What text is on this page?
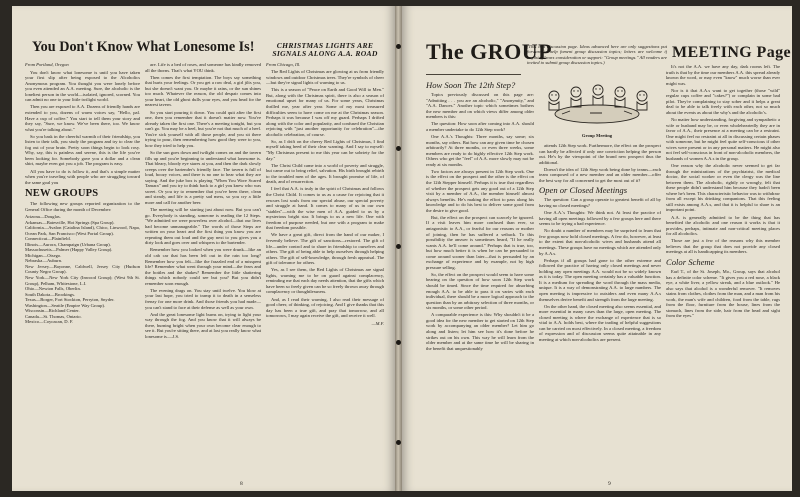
You Don't Know What Lonesome Is!

From Portland, Oregon

You don't know what lonesome is until you have taken your first slip after being exposed to the Alcoholics Anonymous program. You thought you were lonely before you even attended an A.A. meeting. Sure, the alcoholic is the loneliest person in the world—isolated, ignored, scorned. You can admit no one to your little twilight world.

Then you are exposed to A.A. Dozens of friendly hands are extended to you, dozens of warm voices say, "Hello, pal. Have a cup of coffee." You start to tell them your story and they say, "Sure, we know. We've been there, too. We know what you're talking about."

So you bask in the cheerful warmth of their friendship, you listen to their talk, you study the program and try to clear the fog out of your brain. Pretty soon things begin to look rosy. Why, say, this is painless and serene, this is the life you've been looking for. Somebody gave you a dollar and a clean shirt, maybe even got you a job. The program is easy.

All you have to do is follow it, and that's a simple matter when you're traveling with people who are struggling toward the same goal you

NEW GROUPS

The following new groups reported organization to the General Office during the month of December:

Arizona—Douglas.

Arkansas—Batesville, Hot Springs (Spa Group).

California—Avalon (Catalina Island), Chico, Linwood, Napa, Ocean Park, San Francisco (West Portal Group).

Connecticut—Plainfield.

Illinois—Aurora, Champaign (Urbana Group).

Massachusetts—Palmer (Happy Valley Group).

Michigan—Otsego.

Nebraska—Auburn.

New Jersey—Bayonne, Caldwell, Jersey City (Hudson County Negro Group).

New York—New York City (Inwood Group); (West 9th St. Group), Pelham, Whitestone, L.I.

Ohio—Newton Falls, Oberlin.

South Dakota—Brookings.

Texas—Borger, Fort Stockton, Perryton, Snyder.

Washington—Seattle (Empire Way Group).

Wisconsin—Richland Center.

Canada—St. Thomas, Ontario.

Mexico—Coyoacan, D. F.

are. Life is a bed of roses, and someone has kindly removed all the thorns. That's what YOU think.

Then comes the first temptation. The boys say something that hurts your feelings. Or you get a raw deal, a girl jilts you, but she doesn't want you. Or maybe it rains, or the sun shines too much. Whatever the reason, the old despair comes into your heart, the old ghost dulls your eyes, and you head for the nearest tavern.

So you start pouring it down. You could quit after the first one, then you remember that it doesn't matter now. You've already taken the first one. There's a meeting tonight, but you can't go. You may be a heel, but you're not that much of a heel. You're sick yourself with all those people, and you sit there trying to pour, then remembering how good they were to you, how they tried to help you.

So the sun goes down and twilight comes on and the tavern fills up and you're beginning to understand what lonesome is. That bleary, bloody eye stares at you, and then the dark slowly creeps over the bartender's friendly face. The tavern is full of loud, boozy voices, and there is no one to hear what they are saying. And the juke box is playing "When You Wore Scared Tamara" and you try to think back to a girl you knew who was sweet. Or you try to remember that you've been there, clean and steady, and life is a pretty sad mess, so you cry a little more and call for another beer.

The meeting will be starting just about now. But you can't go. Everybody is standing, someone is reading the 12 Steps. "We admitted we were powerless over alcohol—that our lives had become unmanageable." The words of those Steps are written on your heart and the first thing you know you are repeating them out loud and the guy next to you gives you a dirty look and goes over and whispers to the bartender.

Remember how you looked when you were drunk—like an old cab car that has been left out in the rain too long? Remember how you felt—like the frazzled end of a misspent life? Remember what went through your mind—the fears and the bottles and the shakes? Remember the little shattering things which nobody could see but you? But you didn't remember soon enough.

The evening drags on. You stay until twelve. You blow at your last hope, you tried to tramp it to death in a senseless frenzy for one more drink. And those friends you had made—you can't stand to face at their defense as well as your own.

And the great lonesome light burns on, trying to light your way through the fog. And you know that it will always be there, burning bright when your own become clear enough to see it. But you're sitting there, and at last you really know what lonesome is.—J.S.

CHRISTMAS LIGHTS ARE SIGNALS ALONG A.A. ROAD

From Chicago, Ill.

The Red Lights of Christmas are glowing at us from friendly windows and outdoor Christmas trees. They're symbols of cheer—but they're signal lights of warning to us.

This is a season of "Peace on Earth and Good Will to Men." But, along with the Christmas spirit, there is also a season of emotional upset for many of us. For some years, Christmas thrilled me, year after year. Some of my most treasured difficulties seem to have come on me at the Christmas season. Perhaps it was because I was off my guard. Perhaps I drifted along with the color and popularity, and confused the Christian rejoicing with "just another opportunity for celebration"—the alcoholic celebration, of course.

So, as I drift on the cheery Red Lights of Christmas, I find myself taking heed of their clear warning. And I say to myself: "My Christmas present to me this year can be sobriety for the day."

The Christ Child came into a world of poverty and struggle, but came out to bring relief, salvation. His birth brought rebirth to the troubled men of the ages. It brought promise of life, of death, and of resurrection.

I feel that A.A. is truly in the spirit of Christmas and follows the Christ Child. It comes to us as a cause for rejoicing that it rescues lost souls from our special abuse, our special poverty and struggle at hand. It comes to many of us in our own "stables"—with the wise men of A.A. guided to us by a mysterious bright star. It brings to us a new life. One with freedom of purpose needed, but one with a program to make that freedom possible.

We have a great gift, direct from the hand of our maker, I fervently believe. The gift of sanctions—restored. The gift of life—under control and to share in friendship to ourselves and others. The gift of being able to help ourselves through helping others. The gift of self-knowledge, through fresh appraisal. The gift of tolerance for others.

Yes, as I see them, the Red Lights of Christmas are signal lights, warning me to be on guard against complacency, reminding me that each day needs attention, that the gifts which have been so freely given can be so freely thrown away through complacency or thoughtlessness.

And, as I read their warning, I also read their message of good cheer, of thinking, of rejoicing. And I give thanks that this day has been a true gift, and pray that tomorrow, and all tomorrows, I may again receive the gift, and receive it well.

—M.F.

8
The GROUP	MEETING Page
(This is a discussion page. Ideas advanced here are only suggestions put forward to help foment group discussion topics; letters are welcome if anything bears consideration or support: "Group meetings." All readers are invited to submit group discussion topics.)
Group Meeting
How Soon The 12th Step?

Topics previously discussed on this page are: "Admitting . . . you are an alcoholic," "Anonymity," and "A.A. Dances." Another topic which sometimes bothers the new member and on which views differ among older members is this:

The question: How soon after coming into A.A. should a member undertake to do 12th Step work?

One A.A.'s Thoughts: Three months, say some; six months, say others. But how can any given time be chosen arbitrarily? At three months, or even three weeks, some members are ready to do highly effective 12th Step work. Others who get the "feel" of A.A. more slowly may not be ready at six months.

Two factors are always present in 12th Step work. One is the effect on the prospect and the other is the effect on the 12th Stepper himself. Perhaps it is true that regardless of whether the prospect gets any good out of a 12th Step visit by a member of A.A., the member himself almost always benefits. He's making the effort to pass along his knowledge and to do his best to deliver some good from the desire to give good.

But, the effect on the prospect can scarcely be ignored. If a visit leaves him more confused than ever, so antagonistic to A.A., or fearful for our reasons or mother of joining, then he has suffered a setback. To this possibility the answer is sometimes heard, "If he really wants A.A. he'll come around." Perhaps that is true, too, but how much better it is when he can be persuaded to come around sooner than later—that is persuaded by an exchange of experience and by example, not by high pressure selling.

So, the effect on the prospect would seem to have some bearing on the question of how soon 12th Step work should be timed. Since the time required for absorbing enough A.A. to be able to pass it on varies with each individual, there should be a more logical approach to the question than by an arbitrary selection of three months, or six months, or some other period.

A comparable experience is this: Why shouldn't it be a good idea for the new member to get started on 12th Step work by accompanying an older member? Let him go along and listen; let him see how it's done before he strikes out on his own. This way he will learn from the older member and at the same time he will be sharing in the benefit that unquestionably

attends 12th Step work. Furthermore, the effect on the prospect can hardly be affected if only one conviction helping the person out. He's by the viewpoint of the brand new prospect thus the additional.

Doesn't the idea of 12th Step work being done by teams—each team composed of a new member and an older member—offer the best way for all concerned to get the most out of it?

Open or Closed Meetings

The question: Can a group operate to greatest benefit of all by having no closed meetings?

One A.A.'s Thoughts: We think not. At least the practice of having all open meetings followed by a few groups here and there seems to be trying a bad experience.

No doubt a number of members may be surprised to learn that few groups now hold closed meetings. A few do, however, at least to the extent that non-alcoholic wives and husbands attend all meetings. These groups have no meetings which are attended only by A.A.s.

Perhaps if all groups had gone to the other extreme and followed the practice of having only closed meetings and never holding any open meetings A.A. would not be so widely known as it is today. The open meeting certainly has a valuable function. It is a medium for spreading the word through the mass media, unique. It is a way of demonstrating A.A. to large numbers. The open meeting is impressive to outsiders and even many A.A.s themselves derive benefit and strength from the large meeting.

On the other hand, the closed meeting also seems essential, and more essential in many cases than the large, open meeting. The closed meeting is where the exchange of experience that is so vital to A.A. holds best, where the trading of helpful suggestions can be carried on most effectively. In a closed meeting, a freedom of expression and of discussion seems quite attainable in any meeting at which non-alcoholics are present.

It's not the A.A. we have any day, dark rooms left. The truth is that by the time our members A.A. this spread already known the word, or may even "know" much worse than ever might was.

Nor is it that A.A.s want to get together (those "wild" regular cups coffee and "cakes?") or complain in some bad pilot. They're complaining to stay sober and it helps a great deal to be able to talk freely with each other, not so much about the events as about the why's and the alcoholic's.

No matter how understanding, forgiving and sympathetic a wife or husband may be, or even wholeheartedly they are in favor of A.A., their presence at a meeting can be a restraint. One might feel no restraint at all in discussing certain phases with someone, but he might feel quite self-conscious if other wives were present or in any personal matters. He might also not feel self-conscious in front of non-alcoholic members, the husbands of women A.A.s in the group.

One reason why the alcoholic never seemed to get far through the ministrations of the psychiatrist, the medical doctor, the social worker or even the clergy was the line between them. The alcoholic, rightly or wrongly, felt that these people didn't understand him because they hadn't been where he's been. This characteristic behavior was to withdraw from all except his drinking companions. That this feeling still exists among A.A.s, and that it is helpful to share is an important point.

A.A. is generally admitted to be the thing that has benefited the alcoholic and one reason it works is that it provides, perhaps, intimate and non-critical meeting places for all alcoholics.

Those are just a few of the reasons why this member believes that the group that does not provide any closed meetings at all is handicapping its members.

Color Scheme

Earl T., of the St. Joseph, Mo., Group, says that alcohol has a definite color scheme. "It gives you a red nose, a black eye, a white liver, a yellow streak, and a blue outlook." He also says that alcohol is a wonderful remover. "It removes stains from clothes, clothes from the man, and a man from his work, the man's wife and children, food from the table, rugs from the floor, furniture from the house, lines from the stomach, lines from the side, hair from the head and sight from the eyes."

9
